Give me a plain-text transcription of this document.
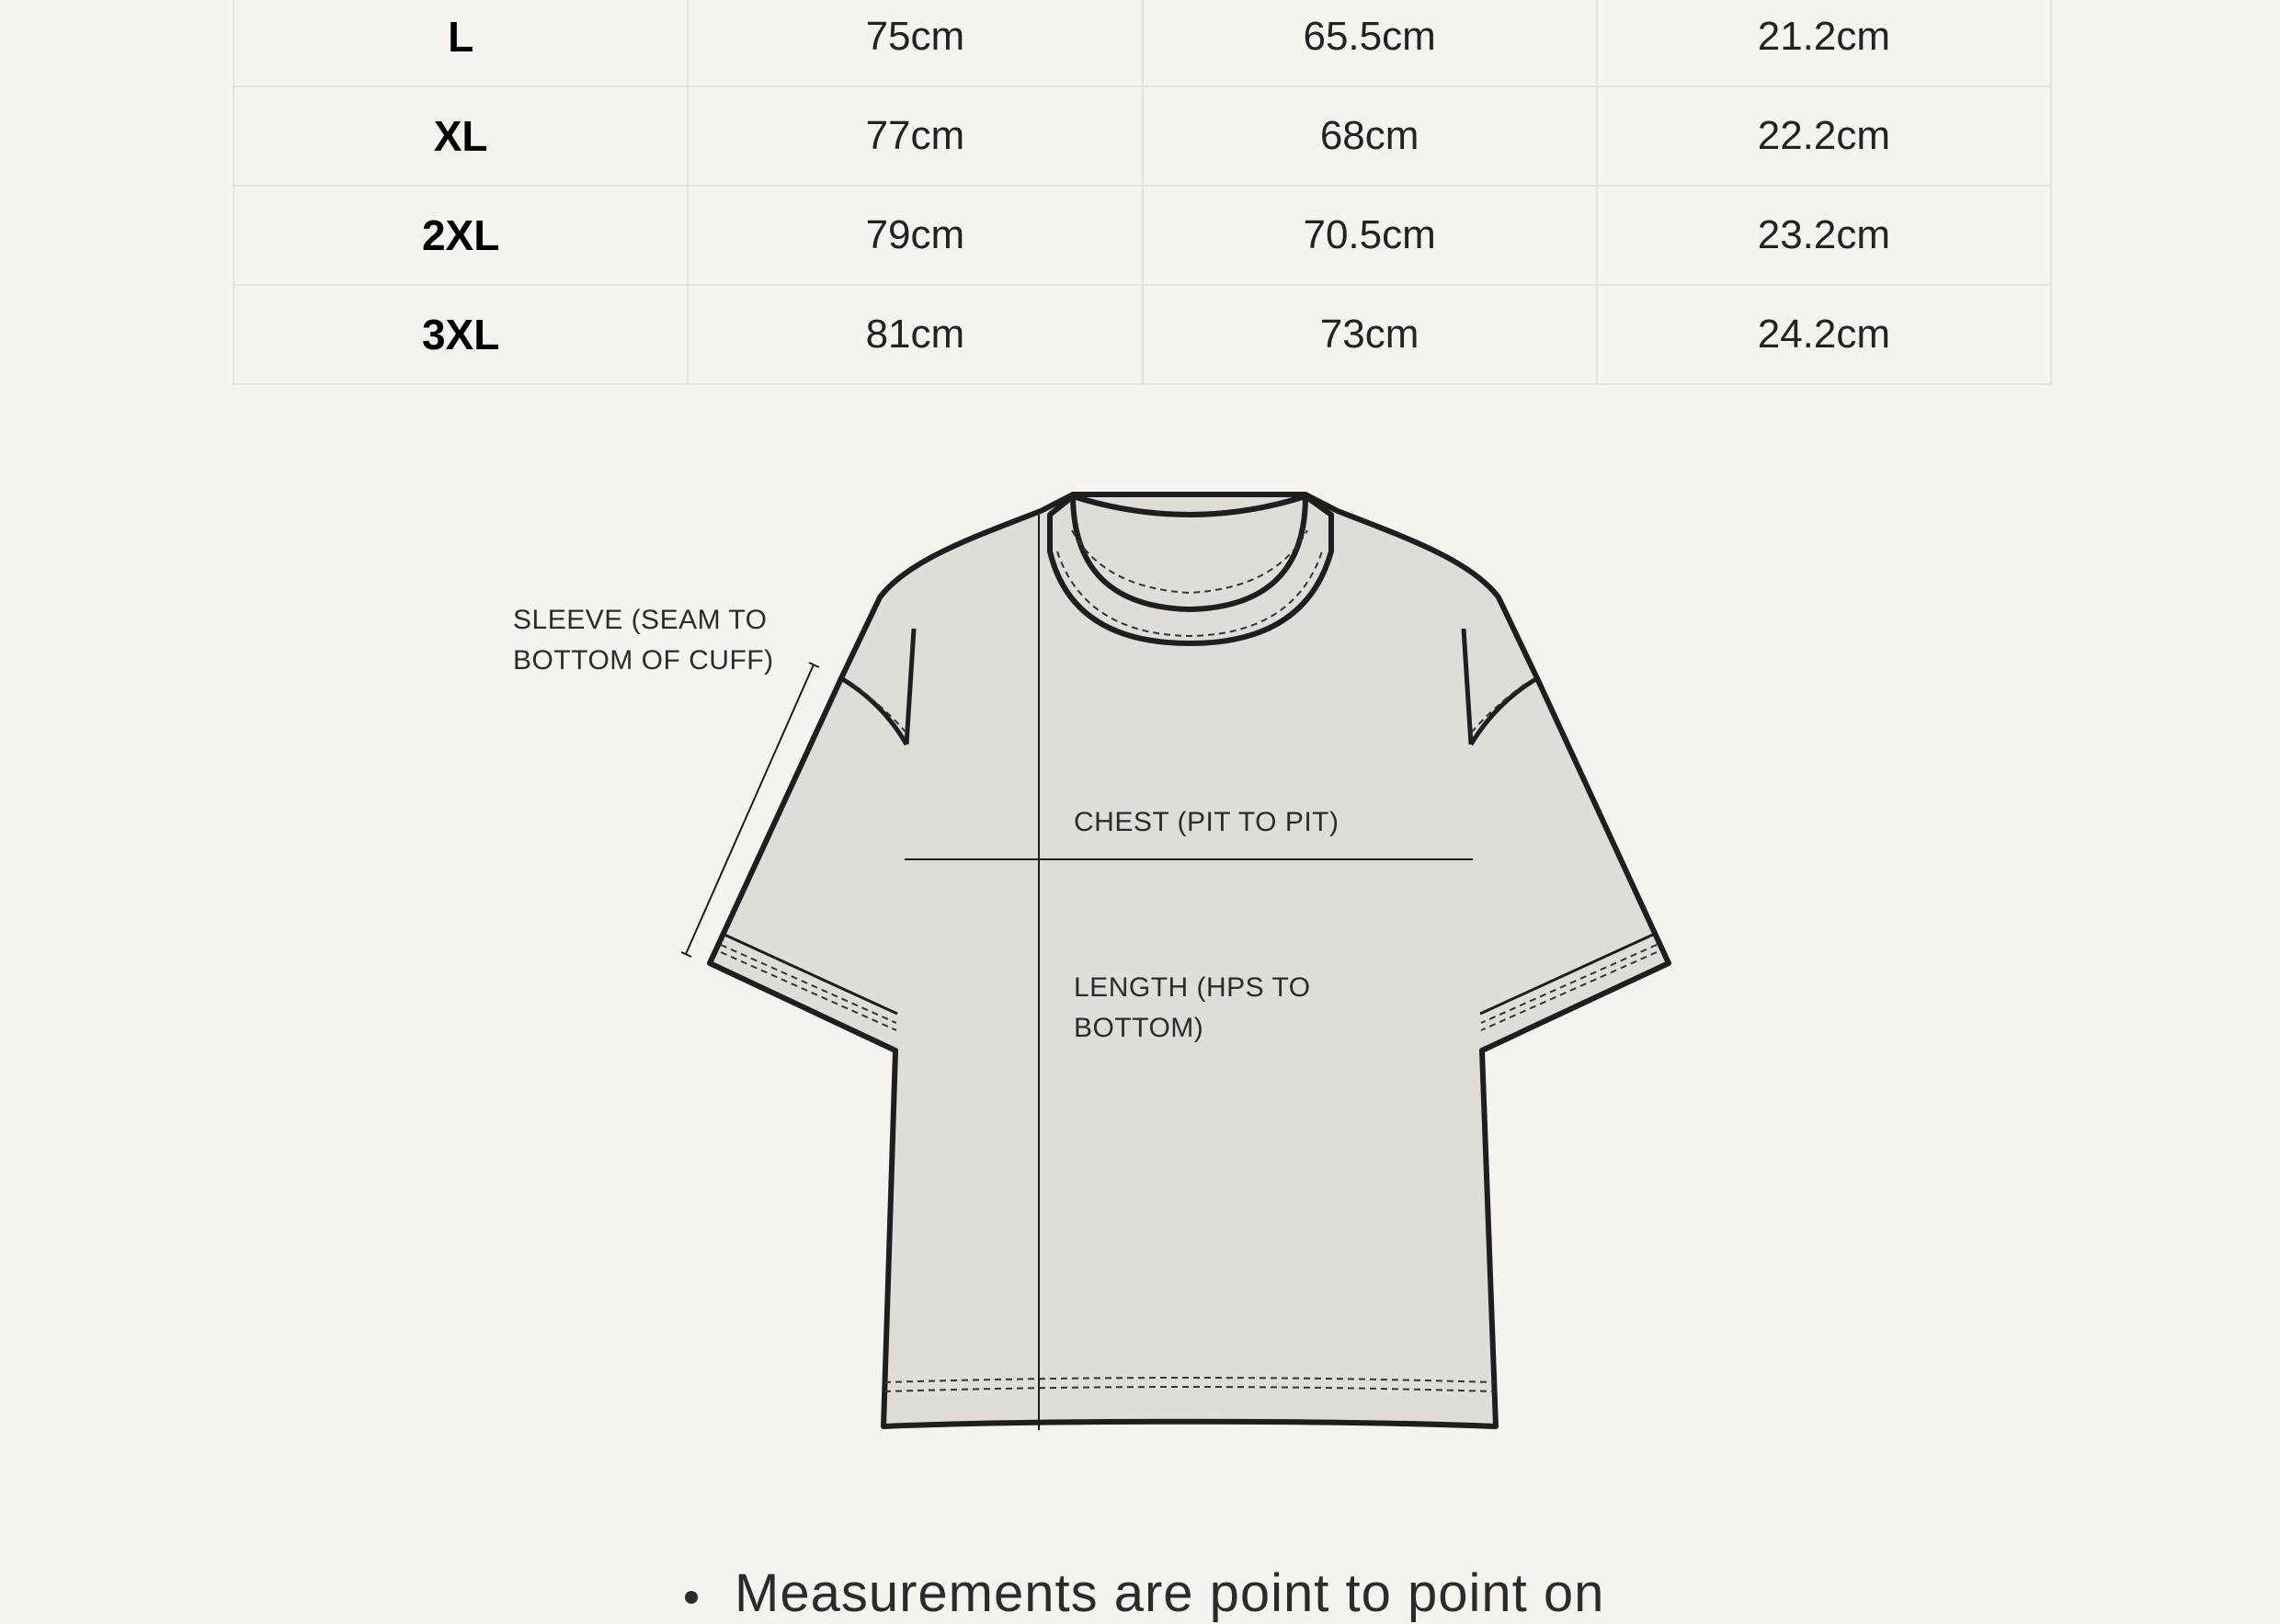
L	75cm	65.5cm	21.2cm
XL	77cm	68cm	22.2cm
2XL	79cm	70.5cm	23.2cm
3XL	81cm	73cm	24.2cm
SLEEVE (SEAM TO
BOTTOM OF CUFF)
CHEST (PIT TO PIT)
LENGTH (HPS TO
BOTTOM)
Measurements are point to point on
